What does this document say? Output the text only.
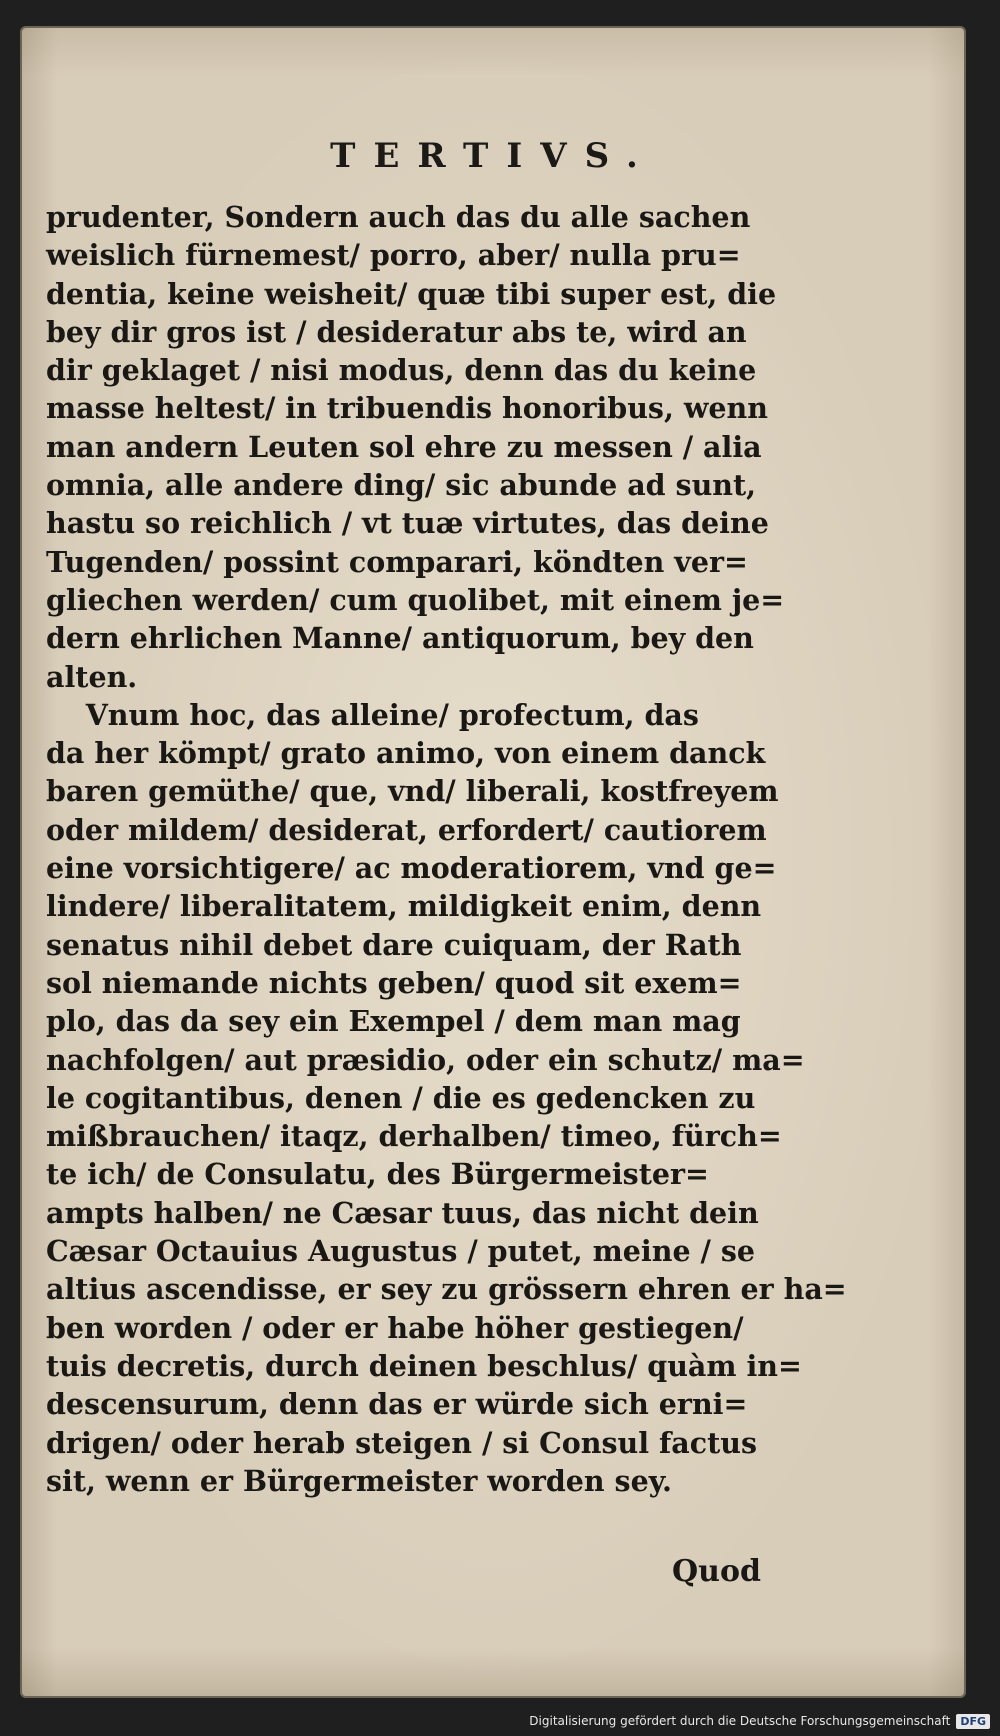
TERTIVS.
prudenter, Sondern auch das du alle sachen
weislich fürnemest/ porro, aber/ nulla pru=
dentia, keine weisheit/ quæ tibi super est, die
bey dir gros ist / desideratur abs te, wird an
dir geklaget / nisi modus, denn das du keine
masse heltest/ in tribuendis honoribus, wenn
man andern Leuten sol ehre zu messen / alia
omnia, alle andere ding/ sic abunde ad sunt,
hastu so reichlich / vt tuæ virtutes, das deine
Tugenden/ possint comparari, köndten ver=
gliechen werden/ cum quolibet, mit einem je=
dern ehrlichen Manne/ antiquorum, bey den
alten.
Vnum hoc, das alleine/ profectum, das
da her kömpt/ grato animo, von einem danck
baren gemüthe/ que, vnd/ liberali, kostfreyem
oder mildem/ desiderat, erfordert/ cautiorem
eine vorsichtigere/ ac moderatiorem, vnd ge=
lindere/ liberalitatem, mildigkeit enim, denn
senatus nihil debet dare cuiquam, der Rath
sol niemande nichts geben/ quod sit exem=
plo, das da sey ein Exempel / dem man mag
nachfolgen/ aut præsidio, oder ein schutz/ ma=
le cogitantibus, denen / die es gedencken zu
mißbrauchen/ itaqz, derhalben/ timeo, fürch=
te ich/ de Consulatu, des Bürgermeister=
ampts halben/ ne Cæsar tuus, das nicht dein
Cæsar Octauius Augustus / putet, meine / se
altius ascendisse, er sey zu grössern ehren er ha=
ben worden / oder er habe höher gestiegen/
tuis decretis, durch deinen beschlus/ quàm in=
descensurum, denn das er würde sich erni=
drigen/ oder herab steigen / si Consul factus
sit, wenn er Bürgermeister worden sey.
Quod
Digitalisierung gefördert durch die Deutsche Forschungsgemeinschaft DFG
